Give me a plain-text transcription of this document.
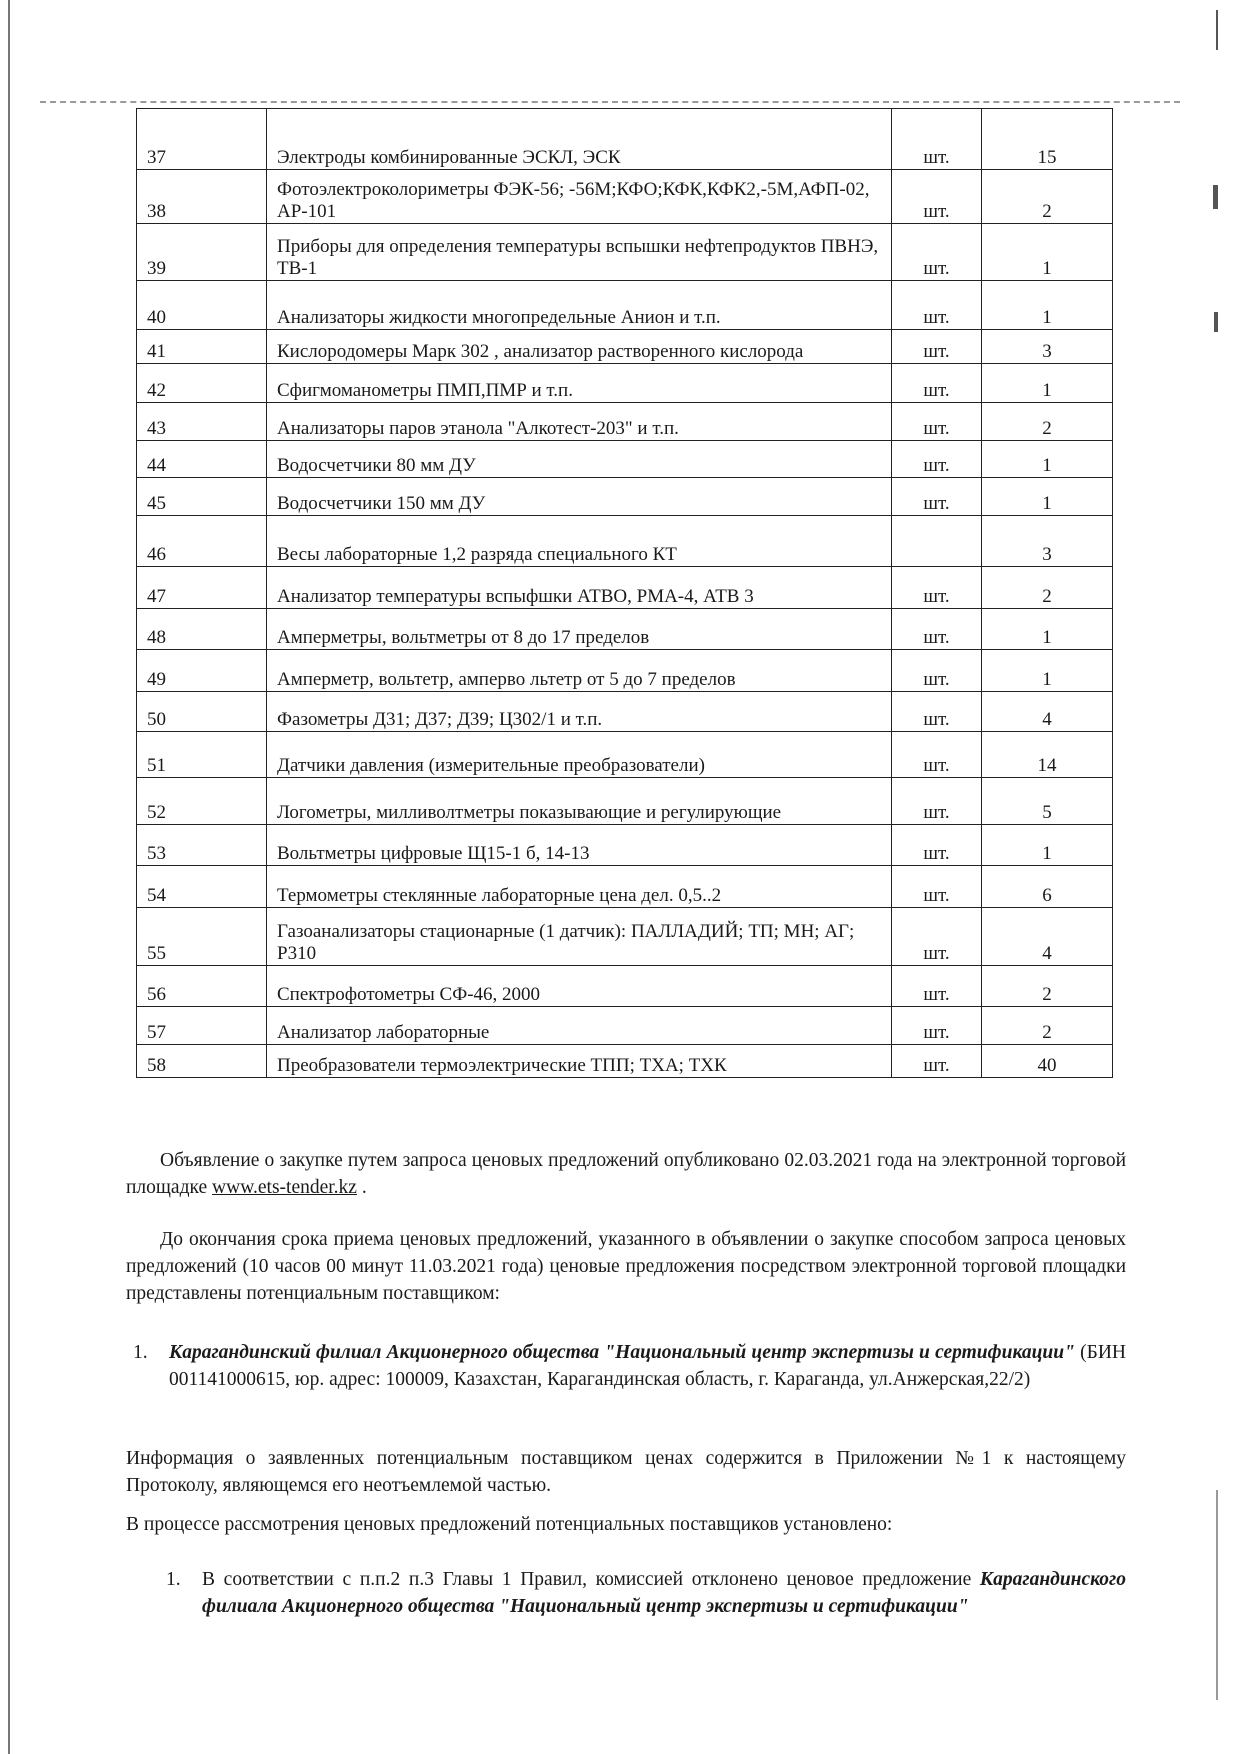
37	Электроды комбинированные ЭСКЛ, ЭСК	шт.	15
38	Фотоэлектроколориметры ФЭК-56; -56М;КФО;КФК,КФК2,-5М,АФП-02, АР-101	шт.	2
39	Приборы для определения температуры вспышки нефтепродуктов ПВНЭ, ТВ-1	шт.	1
40	Анализаторы жидкости многопредельные Анион и т.п.	шт.	1
41	Кислородомеры Марк 302 , анализатор растворенного кислорода	шт.	3
42	Сфигмоманометры ПМП,ПМР и т.п.	шт.	1
43	Анализаторы паров этанола "Алкотест-203" и т.п.	шт.	2
44	Водосчетчики 80 мм ДУ	шт.	1
45	Водосчетчики 150 мм ДУ	шт.	1
46	Весы лабораторные 1,2 разряда специального КТ		3
47	Анализатор температуры вспыфшки АТВО, РМА-4, АТВ 3	шт.	2
48	Амперметры, вольтметры от 8 до 17 пределов	шт.	1
49	Амперметр, вольтетр, амперво льтетр от 5 до 7 пределов	шт.	1
50	Фазометры Д31; Д37; Д39; Ц302/1 и т.п.	шт.	4
51	Датчики давления (измерительные преобразователи)	шт.	14
52	Логометры, милливолтметры показывающие и регулирующие	шт.	5
53	Вольтметры цифровые Щ15-1 б, 14-13	шт.	1
54	Термометры стеклянные лабораторные цена дел. 0,5..2	шт.	6
55	Газоанализаторы стационарные (1 датчик): ПАЛЛАДИЙ; ТП; МН; АГ; Р310	шт.	4
56	Спектрофотометры СФ-46, 2000	шт.	2
57	Анализатор лабораторные	шт.	2
58	Преобразователи термоэлектрические ТПП; ТХА; ТХК	шт.	40
Объявление о закупке путем запроса ценовых предложений опубликовано 02.03.2021 года на электронной торговой площадке www.ets-tender.kz .
До окончания срока приема ценовых предложений, указанного в объявлении о закупке способом запроса ценовых предложений (10 часов 00 минут 11.03.2021 года) ценовые предложения посредством электронной торговой площадки представлены потенциальным поставщиком:
1. Карагандинский филиал Акционерного общества "Национальный центр экспертизы и сертификации" (БИН 001141000615, юр. адрес: 100009, Казахстан, Карагандинская область, г. Караганда, ул.Анжерская,22/2)
Информация о заявленных потенциальным поставщиком ценах содержится в Приложении №1 к настоящему Протоколу, являющемся его неотъемлемой частью.
В процессе рассмотрения ценовых предложений потенциальных поставщиков установлено:
1. В соответствии с п.п.2 п.3 Главы 1 Правил, комиссией отклонено ценовое предложение Карагандинского филиала Акционерного общества "Национальный центр экспертизы и сертификации"
